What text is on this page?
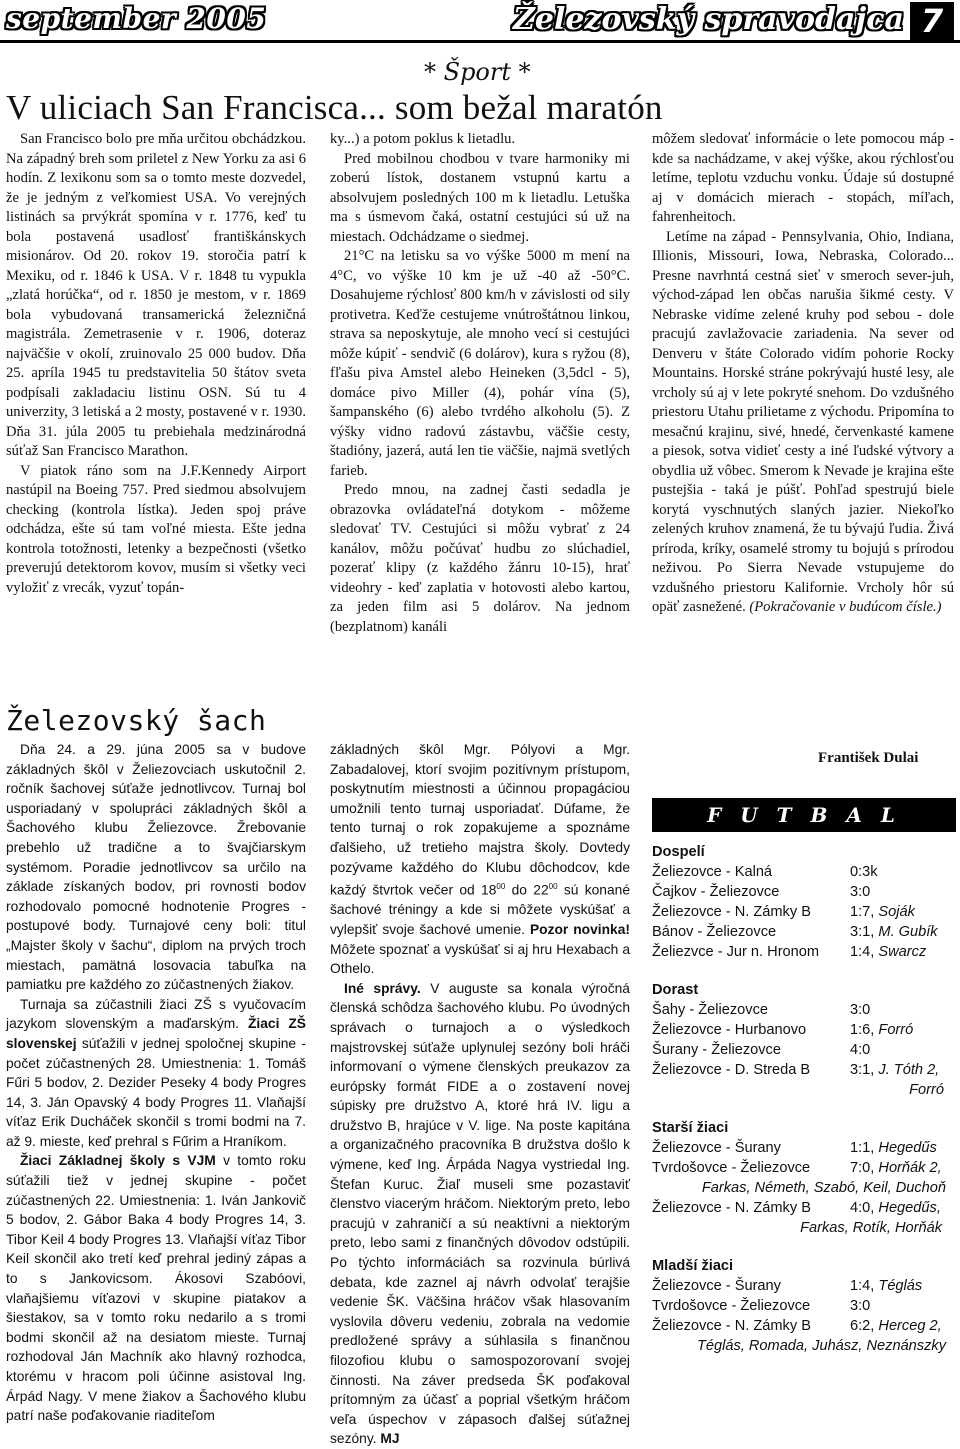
september 2005	Železovský spravodajca 7
* Šport *
V uliciach San Francisca... som bežal maratón

San Francisco bolo pre mňa určitou obchádzkou. Na západný breh som priletel z New Yorku za asi 6 hodín. Z lexikonu som sa o tomto meste dozvedel, že je jedným z veľkomiest USA. Vo verejných listinách sa prvýkrát spomína v r. 1776, keď tu bola postavená usadlosť františkánskych misionárov. Od 20. rokov 19. storočia patrí k Mexiku, od r. 1846 k USA. V r. 1848 tu vypukla „zlatá horúčka“, od r. 1850 je mestom, v r. 1869 bola vybudovaná transamerická železničná magistrála. Zemetrasenie v r. 1906, doteraz najväčšie v okolí, zruinovalo 25 000 budov. Dňa 25. apríla 1945 tu predstavitelia 50 štátov sveta podpísali zakladaciu listinu OSN. Sú tu 4 univerzity, 3 letiská a 2 mosty, postavené v r. 1930. Dňa 31. júla 2005 tu prebiehala medzinárodná súťaž San Francisco Marathon.

V piatok ráno som na J.F.Kennedy Airport nastúpil na Boeing 757. Pred siedmou absolvujem checking (kontrola lístka). Jeden spoj práve odchádza, ešte sú tam voľné miesta. Ešte jedna kontrola totožnosti, letenky a bezpečnosti (všetko preverujú detektorom kovov, musím si všetky veci vyložiť z vrecák, vyzuť topán-

ky...) a potom poklus k lietadlu.

Pred mobilnou chodbou v tvare harmoniky mi zoberú lístok, dostanem vstupnú kartu a absolvujem posledných 100 m k lietadlu. Letuška ma s úsmevom čaká, ostatní cestujúci sú už na miestach. Odchádzame o siedmej.

21°C na letisku sa vo výške 5000 m mení na 4°C, vo výške 10 km je už -40 až -50°C. Dosahujeme rýchlosť 800 km/h v závislosti od sily protivetra. Keďže cestujeme vnútroštátnou linkou, strava sa neposkytuje, ale mnoho vecí si cestujúci môže kúpiť - sendvič (6 dolárov), kura s ryžou (8), fľašu piva Amstel alebo Heineken (3,5dcl - 5), domáce pivo Miller (4), pohár vína (5), šampanského (6) alebo tvrdého alkoholu (5). Z výšky vidno radovú zástavbu, väčšie cesty, štadióny, jazerá, autá len tie väčšie, najmä svetlých farieb.

Predo mnou, na zadnej časti sedadla je obrazovka ovládateľná dotykom - môžeme sledovať TV. Cestujúci si môžu vybrať z 24 kanálov, môžu počúvať hudbu zo slúchadiel, pozerať klipy (z každého žánru 10-15), hrať videohry - keď zaplatia v hotovosti alebo kartou, za jeden film asi 5 dolárov. Na jednom (bezplatnom) kanáli

môžem sledovať informácie o lete pomocou máp - kde sa nachádzame, v akej výške, akou rýchlosťou letíme, teplotu vzduchu vonku. Údaje sú dostupné aj v domácich mierach - stopách, míľach, fahrenheitoch.

Letíme na západ - Pennsylvania, Ohio, Indiana, Illionis, Missouri, Iowa, Nebraska, Colorado... Presne navrhntá cestná sieť v smeroch sever-juh, východ-západ len občas narušia šikmé cesty. V Nebraske vidíme zelené kruhy pod sebou - dole pracujú zavlažovacie zariadenia. Na sever od Denveru v štáte Colorado vidím pohorie Rocky Mountains. Horské stráne pokrývajú husté lesy, ale vrcholy sú aj v lete pokryté snehom. Do vzdušného priestoru Utahu prilietame z východu. Pripomína to mesačnú krajinu, sivé, hnedé, červenkasté kamene a piesok, sotva vidieť cesty a iné ľudské výtvory a obydlia už vôbec. Smerom k Nevade je krajina ešte pustejšia - taká je púšť. Pohľad spestrujú biele korytá vyschnutých slaných jazier. Niekoľko zelených kruhov znamená, že tu bývajú ľudia. Živá príroda, kríky, osamelé stromy tu bojujú s prírodou neživou. Po Sierra Nevade vstupujeme do vzdušného priestoru Kalifornie. Vrcholy hôr sú opäť zasnežené. (Pokračovanie v budúcom čísle.)

František Dulai
Železovský šach

Dňa 24. a 29. júna 2005 sa v budove základných škôl v Želiezovciach uskutočnil 2. ročník šachovej súťaže jednotlivcov. Turnaj bol usporiadaný v spolupráci základných škôl a Šachového klubu Želiezovce. Žrebovanie prebehlo už tradične a to švajčiarskym systémom. Poradie jednotlivcov sa určilo na základe získaných bodov, pri rovnosti bodov rozhodovalo pomocné hodnotenie Progres - postupové body. Turnajové ceny boli: titul „Majster školy v šachu“, diplom na prvých troch miestach, pamätná losovacia tabuľka na pamiatku pre každého zo zúčastnených žiakov.

Turnaja sa zúčastnili žiaci ZŠ s vyučovacím jazykom slovenským a maďarským. Žiaci ZŠ slovenskej súťažili v jednej spoločnej skupine - počet zúčastnených 28. Umiestnenia: 1. Tomáš Fűri 5 bodov, 2. Dezider Peseky 4 body Progres 14, 3. Ján Opavský 4 body Progres 11. Vlaňajší víťaz Erik Ducháček skončil s tromi bodmi na 7. až 9. mieste, keď prehral s Fűrim a Hraníkom.

Žiaci Základnej školy s VJM v tomto roku súťažili tiež v jednej skupine - počet zúčastnených 22. Umiestnenia: 1. Iván Jankovič 5 bodov, 2. Gábor Baka 4 body Progres 14, 3. Tibor Keil 4 body Progres 13. Vlaňajší víťaz Tibor Keil skončil ako tretí keď prehral jediný zápas a to s Jankovicsom. Ákosovi Szabóovi, vlaňajšiemu víťazovi v skupine piatakov a šiestakov, sa v tomto roku nedarilo a s tromi bodmi skončil až na desiatom mieste. Turnaj rozhodoval Ján Machník ako hlavný rozhodca, ktorému v hracom poli účinne asistoval Ing. Árpád Nagy. V mene žiakov a Šachového klubu patrí naše poďakovanie riaditeľom

základných škôl Mgr. Pólyovi a Mgr. Zabadalovej, ktorí svojim pozitívnym prístupom, poskytnutím miestnosti a účinnou propagáciou umožnili tento turnaj usporiadať. Dúfame, že tento turnaj o rok zopakujeme a spoznáme ďalšieho, už tretieho majstra školy. Dovtedy pozývame každého do Klubu dôchodcov, kde každý štvrtok večer od $18^{00}$ do $22^{00}$ sú konané šachové tréningy a kde si môžete vyskúšať a vylepšiť svoje šachové umenie. Pozor novinka! Môžete spoznať a vyskúšať si aj hru Hexabach a Othelo.

Iné správy. V auguste sa konala výročná členská schôdza šachového klubu. Po úvodných správach o turnajoch a o výsledkoch majstrovskej súťaže uplynulej sezóny boli hráči informovaní o výmene členských preukazov za európsky formát FIDE a o zostavení novej súpisky pre družstvo A, ktoré hrá IV. ligu a družstvo B, hrajúce v V. lige. Na poste kapitána a organizačného pracovníka B družstva došlo k výmene, keď Ing. Árpáda Nagya vystriedal Ing. Štefan Kuruc. Žiaľ museli sme pozastaviť členstvo viacerým hráčom. Niektorým preto, lebo pracujú v zahraničí a sú neaktívni a niektorým preto, lebo sami z finančných dôvodov odstúpili. Po týchto informáciách sa rozvinula búrlivá debata, kde zaznel aj návrh odvolať terajšie vedenie ŠK. Väčšina hráčov však hlasovaním vyslovila dôveru vedeniu, zobrala na vedomie predložené správy a súhlasila s finančnou filozofiou klubu o samospozorovaní svojej činnosti. Na záver predseda ŠK poďakoval prítomným za účasť a poprial všetkým hráčom veľa úspechov v zápasoch ďalšej súťažnej sezóny. MJ

F U T B A L
Dospelí
Želiezovce - Kalná	0:3k
Čajkov - Želiezovce	3:0
Želiezovce - N. Zámky B	1:7, Soják
Bánov - Želiezovce	3:1, M. Gubík
Želiezvce - Jur n. Hronom 1:4, Swarcz
Dorast
Šahy - Želiezovce	3:0
Želiezovce - Hurbanovo	1:6, Forró
Šurany - Želiezovce	4:0
Želiezovce - D. Streda B	3:1, J. Tóth 2,
Forró
Starší žiaci
Želiezovce - Šurany	1:1, Hegedűs
Tvrdošovce - Želiezovce	7:0, Horňák 2,
Farkas, Németh, Szabó, Keil, Duchoň
Želiezovce - N. Zámky B	4:0, Hegedűs,
Farkas, Rotík, Horňák
Mladší žiaci
Želiezovce - Šurany	1:4, Téglás
Tvrdošovce - Želiezovce	3:0
Želiezovce - N. Zámky B	6:2, Herceg 2,
Téglás, Romada, Juhász, Neznánszky
